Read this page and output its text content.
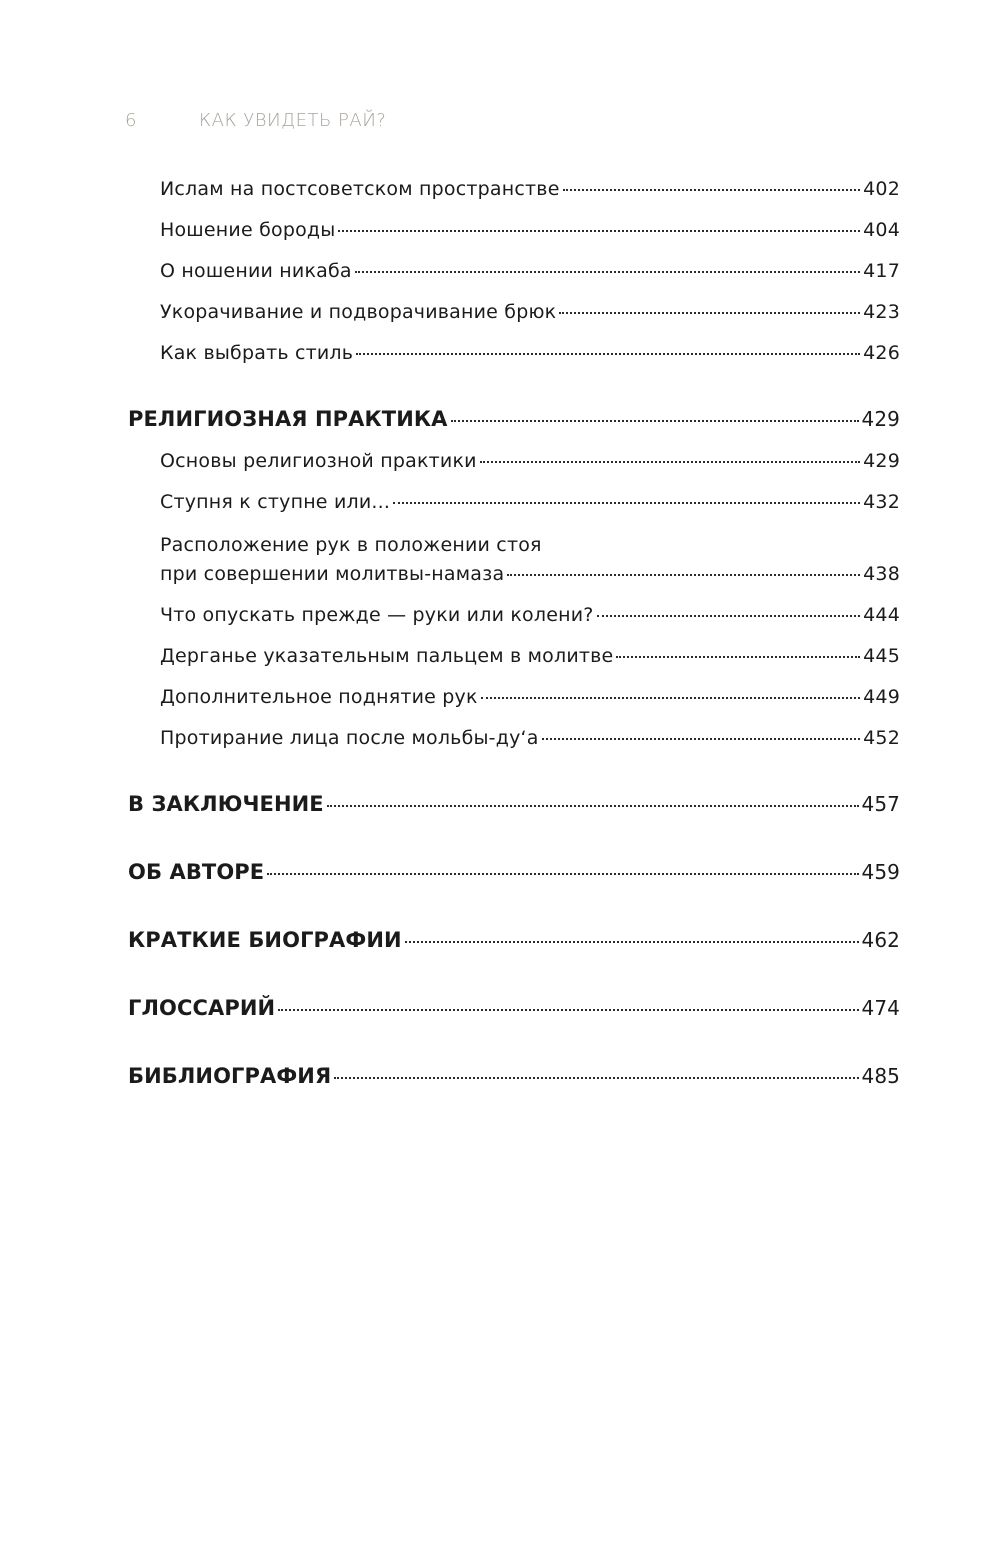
6	КАК УВИДЕТЬ РАЙ?
Ислам на постсоветском пространстве	402
Ношение бороды	404
О ношении никаба	417
Укорачивание и подворачивание брюк	423
Как выбрать стиль	426
РЕЛИГИОЗНАЯ ПРАКТИКА	429
Основы религиозной практики	429
Ступня к ступне или...	432
Расположение рук в положении стоя
при совершении молитвы-намаза	438
Что опускать прежде — руки или колени?	444
Дерганье указательным пальцем в молитве	445
Дополнительное поднятие рук	449
Протирание лица после мольбы-ду‘а	452
В ЗАКЛЮЧЕНИЕ	457
ОБ АВТОРЕ	459
КРАТКИЕ БИОГРАФИИ	462
ГЛОССАРИЙ	474
БИБЛИОГРАФИЯ	485
